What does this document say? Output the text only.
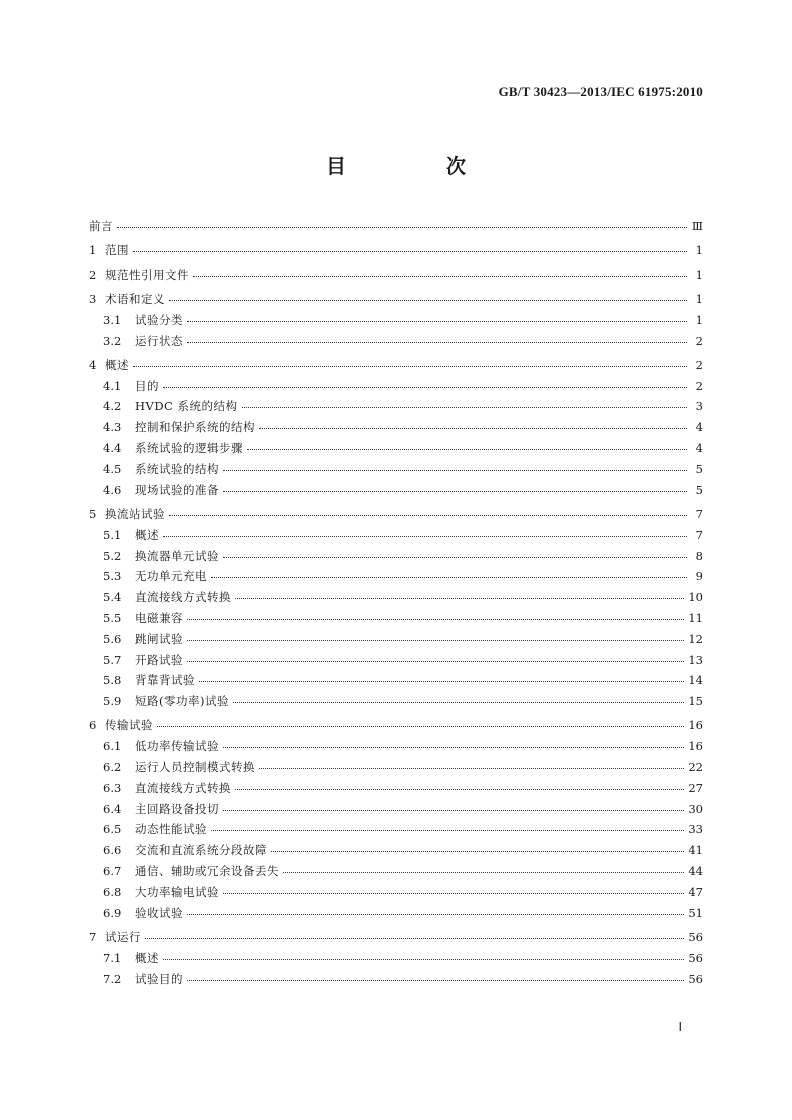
GB/T 30423—2013/IEC 61975:2010
目　次
前言	Ⅲ
1 范围	1
2 规范性引用文件	1
3 术语和定义	1
3.1	试验分类	1
3.2	运行状态	2
4 概述	2
4.1	目的	2
4.2	HVDC 系统的结构	3
4.3	控制和保护系统的结构	4
4.4	系统试验的逻辑步骤	4
4.5	系统试验的结构	5
4.6	现场试验的准备	5
5 换流站试验	7
5.1	概述	7
5.2	换流器单元试验	8
5.3	无功单元充电	9
5.4	直流接线方式转换	10
5.5	电磁兼容	11
5.6	跳闸试验	12
5.7	开路试验	13
5.8	背靠背试验	14
5.9	短路(零功率)试验	15
6 传输试验	16
6.1	低功率传输试验	16
6.2	运行人员控制模式转换	22
6.3	直流接线方式转换	27
6.4	主回路设备投切	30
6.5	动态性能试验	33
6.6	交流和直流系统分段故障	41
6.7	通信、辅助或冗余设备丢失	44
6.8	大功率输电试验	47
6.9	验收试验	51
7 试运行	56
7.1	概述	56
7.2	试验目的	56
Ⅰ
